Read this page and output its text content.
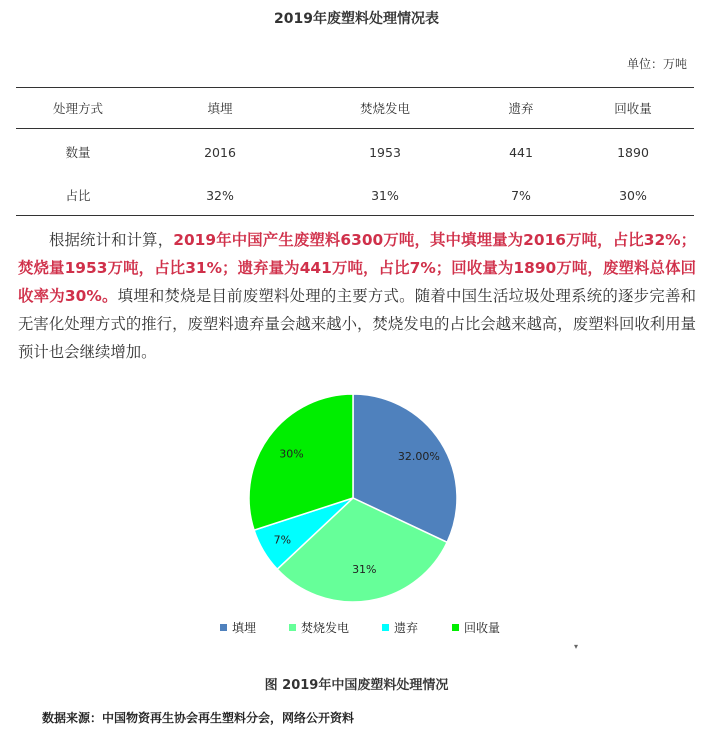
2019年废塑料处理情况表
单位：万吨
处理方式	填埋	焚烧发电	遗弃	回收量
数量	2016	1953	441	1890
占比	32%	31%	7%	30%

根据统计和计算，2019年中国产生废塑料6300万吨，其中填埋量为2016万吨，占比32%；焚烧量1953万吨，占比31%；遗弃量为441万吨，占比7%；回收量为1890万吨，废塑料总体回收率为30%。填埋和焚烧是目前废塑料处理的主要方式。随着中国生活垃圾处理系统的逐步完善和无害化处理方式的推行，废塑料遗弃量会越来越小，焚烧发电的占比会越来越高，废塑料回收利用量预计也会继续增加。

32.00%
31%
7%
30%
填埋	焚烧发电	遗弃	回收量
▾
图 2019年中国废塑料处理情况
数据来源：中国物资再生协会再生塑料分会，网络公开资料
